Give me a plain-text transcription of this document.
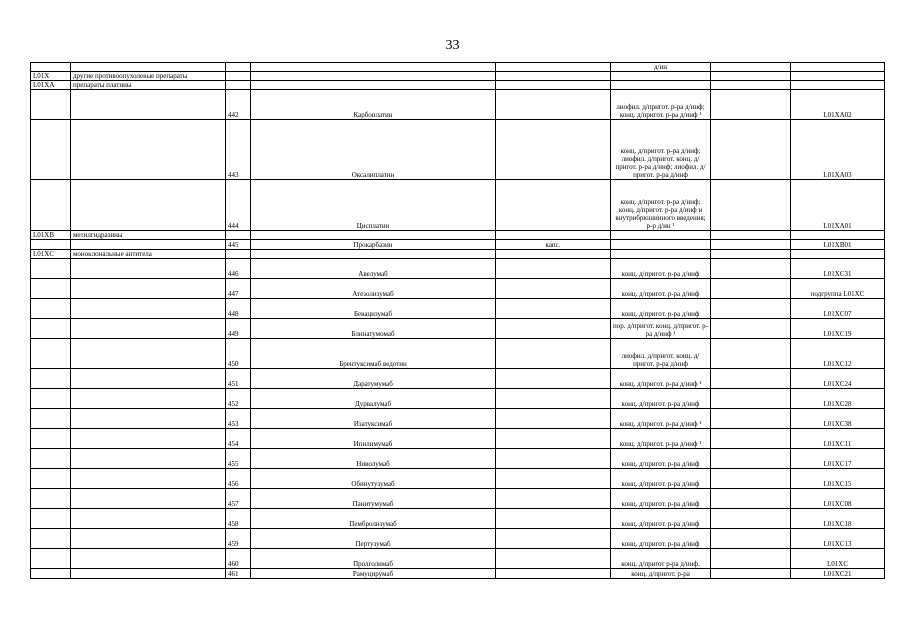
33
					д/ин		
L01X	другие противоопухолевые препараты						
L01XA	препараты платины						
		442	Карбоплатин		лиофил. д/пригот. р-ра д/инф; конц. д/пригот. р-ра д/инф ¹		L01XA02
		443	Оксалиплатин		конц. д/пригот. р-ра д/инф; лиофил. д/пригот. конц. д/пригот. р-ра д/инф; лиофил. д/пригот. р-ра д/инф		L01XA03
		444	Цисплатин		конц. д/пригот. р-ра д/инф; конц. д/пригот. р-ра д/инф и внутрибрюшинного введения; р-р д/ин ¹		L01XA01
L01XB	метилгидразины						
		445	Прокарбазин	капс.			L01XB01
L01XC	моноклональные антитела						
		446	Авелумаб		конц. д/пригот. р-ра д/инф		L01XC31
		447	Атезолизумаб		конц. д/пригот. р-ра д/инф		подгруппа L01XC
		448	Бевацизумаб		конц. д/пригот. р-ра д/инф		L01XC07
		449	Блинатумомаб		пор. д/пригот. конц. д/пригот. р-ра д/инф ¹		L01XC19
		450	Брентуксимаб ведотин		лиофил. д/пригот. конц. д/пригот. р-ра д/инф		L01XC12
		451	Даратумумаб		конц. д/пригот. р-ра д/инф ¹		L01XC24
		452	Дурвалумаб		конц. д/пригот. р-ра д/инф		L01XC28
		453	Изатуксимаб		конц. д/пригот. р-ра д/инф ¹		L01XC38
		454	Ипилимумаб		конц. д/пригот. р-ра д/инф ¹		L01XC11
		455	Ниволумаб		конц. д/пригот. р-ра д/инф		L01XC17
		456	Обинутузумаб		конц. д/пригот. р-ра д/инф		L01XC15
		457	Панитумумаб		конц. д/пригот. р-ра д/инф		L01XC08
		458	Пембролизумаб		конц. д/пригот. р-ра д/инф		L01XC18
		459	Пертузумаб		конц. д/пригот. р-ра д/инф		L01XC13
		460	Пролголимаб		конц. д/пригот р-ра д/инф.		L01XC
		461	Рамуцирумаб		конц. д/пригот. р-ра		L01XC21
